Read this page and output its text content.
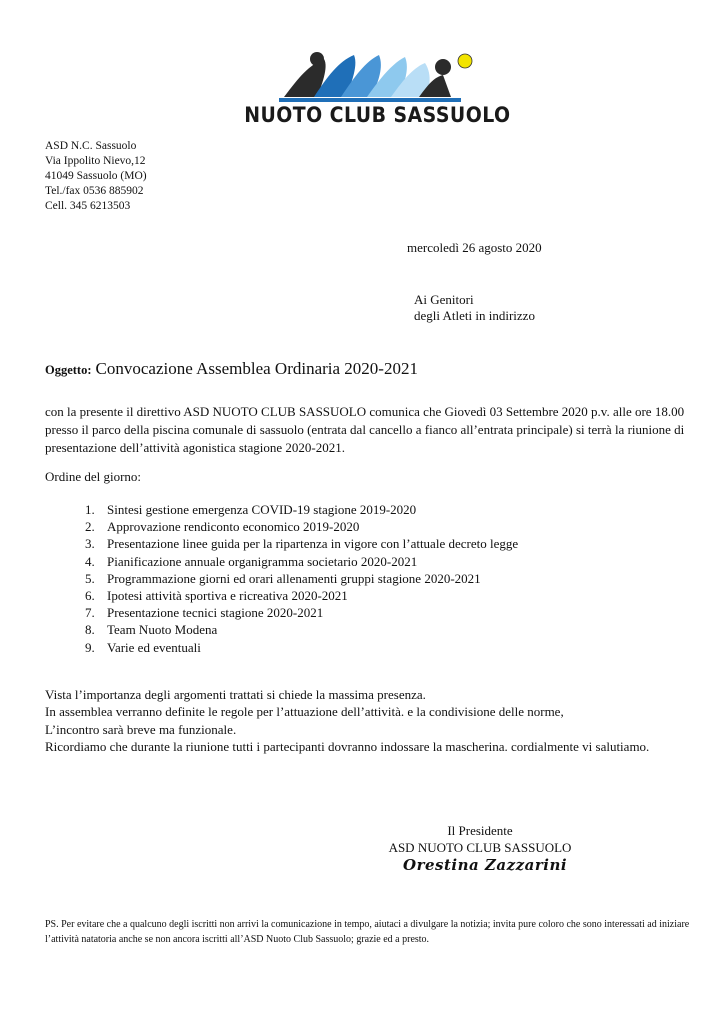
NUOTO CLUB SASSUOLO
ASD N.C. Sassuolo
Via Ippolito Nievo,12
41049 Sassuolo (MO)
Tel./fax 0536 885902
Cell. 345 6213503
mercoledì 26 agosto 2020
Ai Genitori
degli Atleti in indirizzo
Oggetto: Convocazione Assemblea Ordinaria 2020-2021
con la presente il direttivo ASD NUOTO CLUB SASSUOLO comunica che Giovedì 03 Settembre 2020 p.v. alle ore 18.00 presso il parco della piscina comunale di sassuolo (entrata dal cancello a fianco all’entrata principale) si terrà la riunione di presentazione dell’attività agonistica stagione 2020-2021.
Ordine del giorno:
1. Sintesi gestione emergenza COVID-19 stagione 2019-2020
2. Approvazione rendiconto economico 2019-2020
3. Presentazione linee guida per la ripartenza in vigore con l’attuale decreto legge
4. Pianificazione annuale organigramma societario 2020-2021
5. Programmazione giorni ed orari allenamenti gruppi stagione 2020-2021
6. Ipotesi attività sportiva e ricreativa 2020-2021
7. Presentazione tecnici stagione 2020-2021
8. Team Nuoto Modena
9. Varie ed eventuali
Vista l’importanza degli argomenti trattati si chiede la massima presenza.
In assemblea verranno definite le regole per l’attuazione dell’attività. e la condivisione delle norme,
L’incontro sarà breve ma funzionale.
Ricordiamo che durante la riunione tutti i partecipanti dovranno indossare la mascherina. cordialmente vi salutiamo.
Il Presidente
ASD NUOTO CLUB SASSUOLO
Orestina Zazzarini
PS. Per evitare che a qualcuno degli iscritti non arrivi la comunicazione in tempo, aiutaci a divulgare la notizia; invita pure coloro che sono interessati ad iniziare l’attività natatoria anche se non ancora iscritti all’ASD Nuoto Club Sassuolo; grazie ed a presto.
